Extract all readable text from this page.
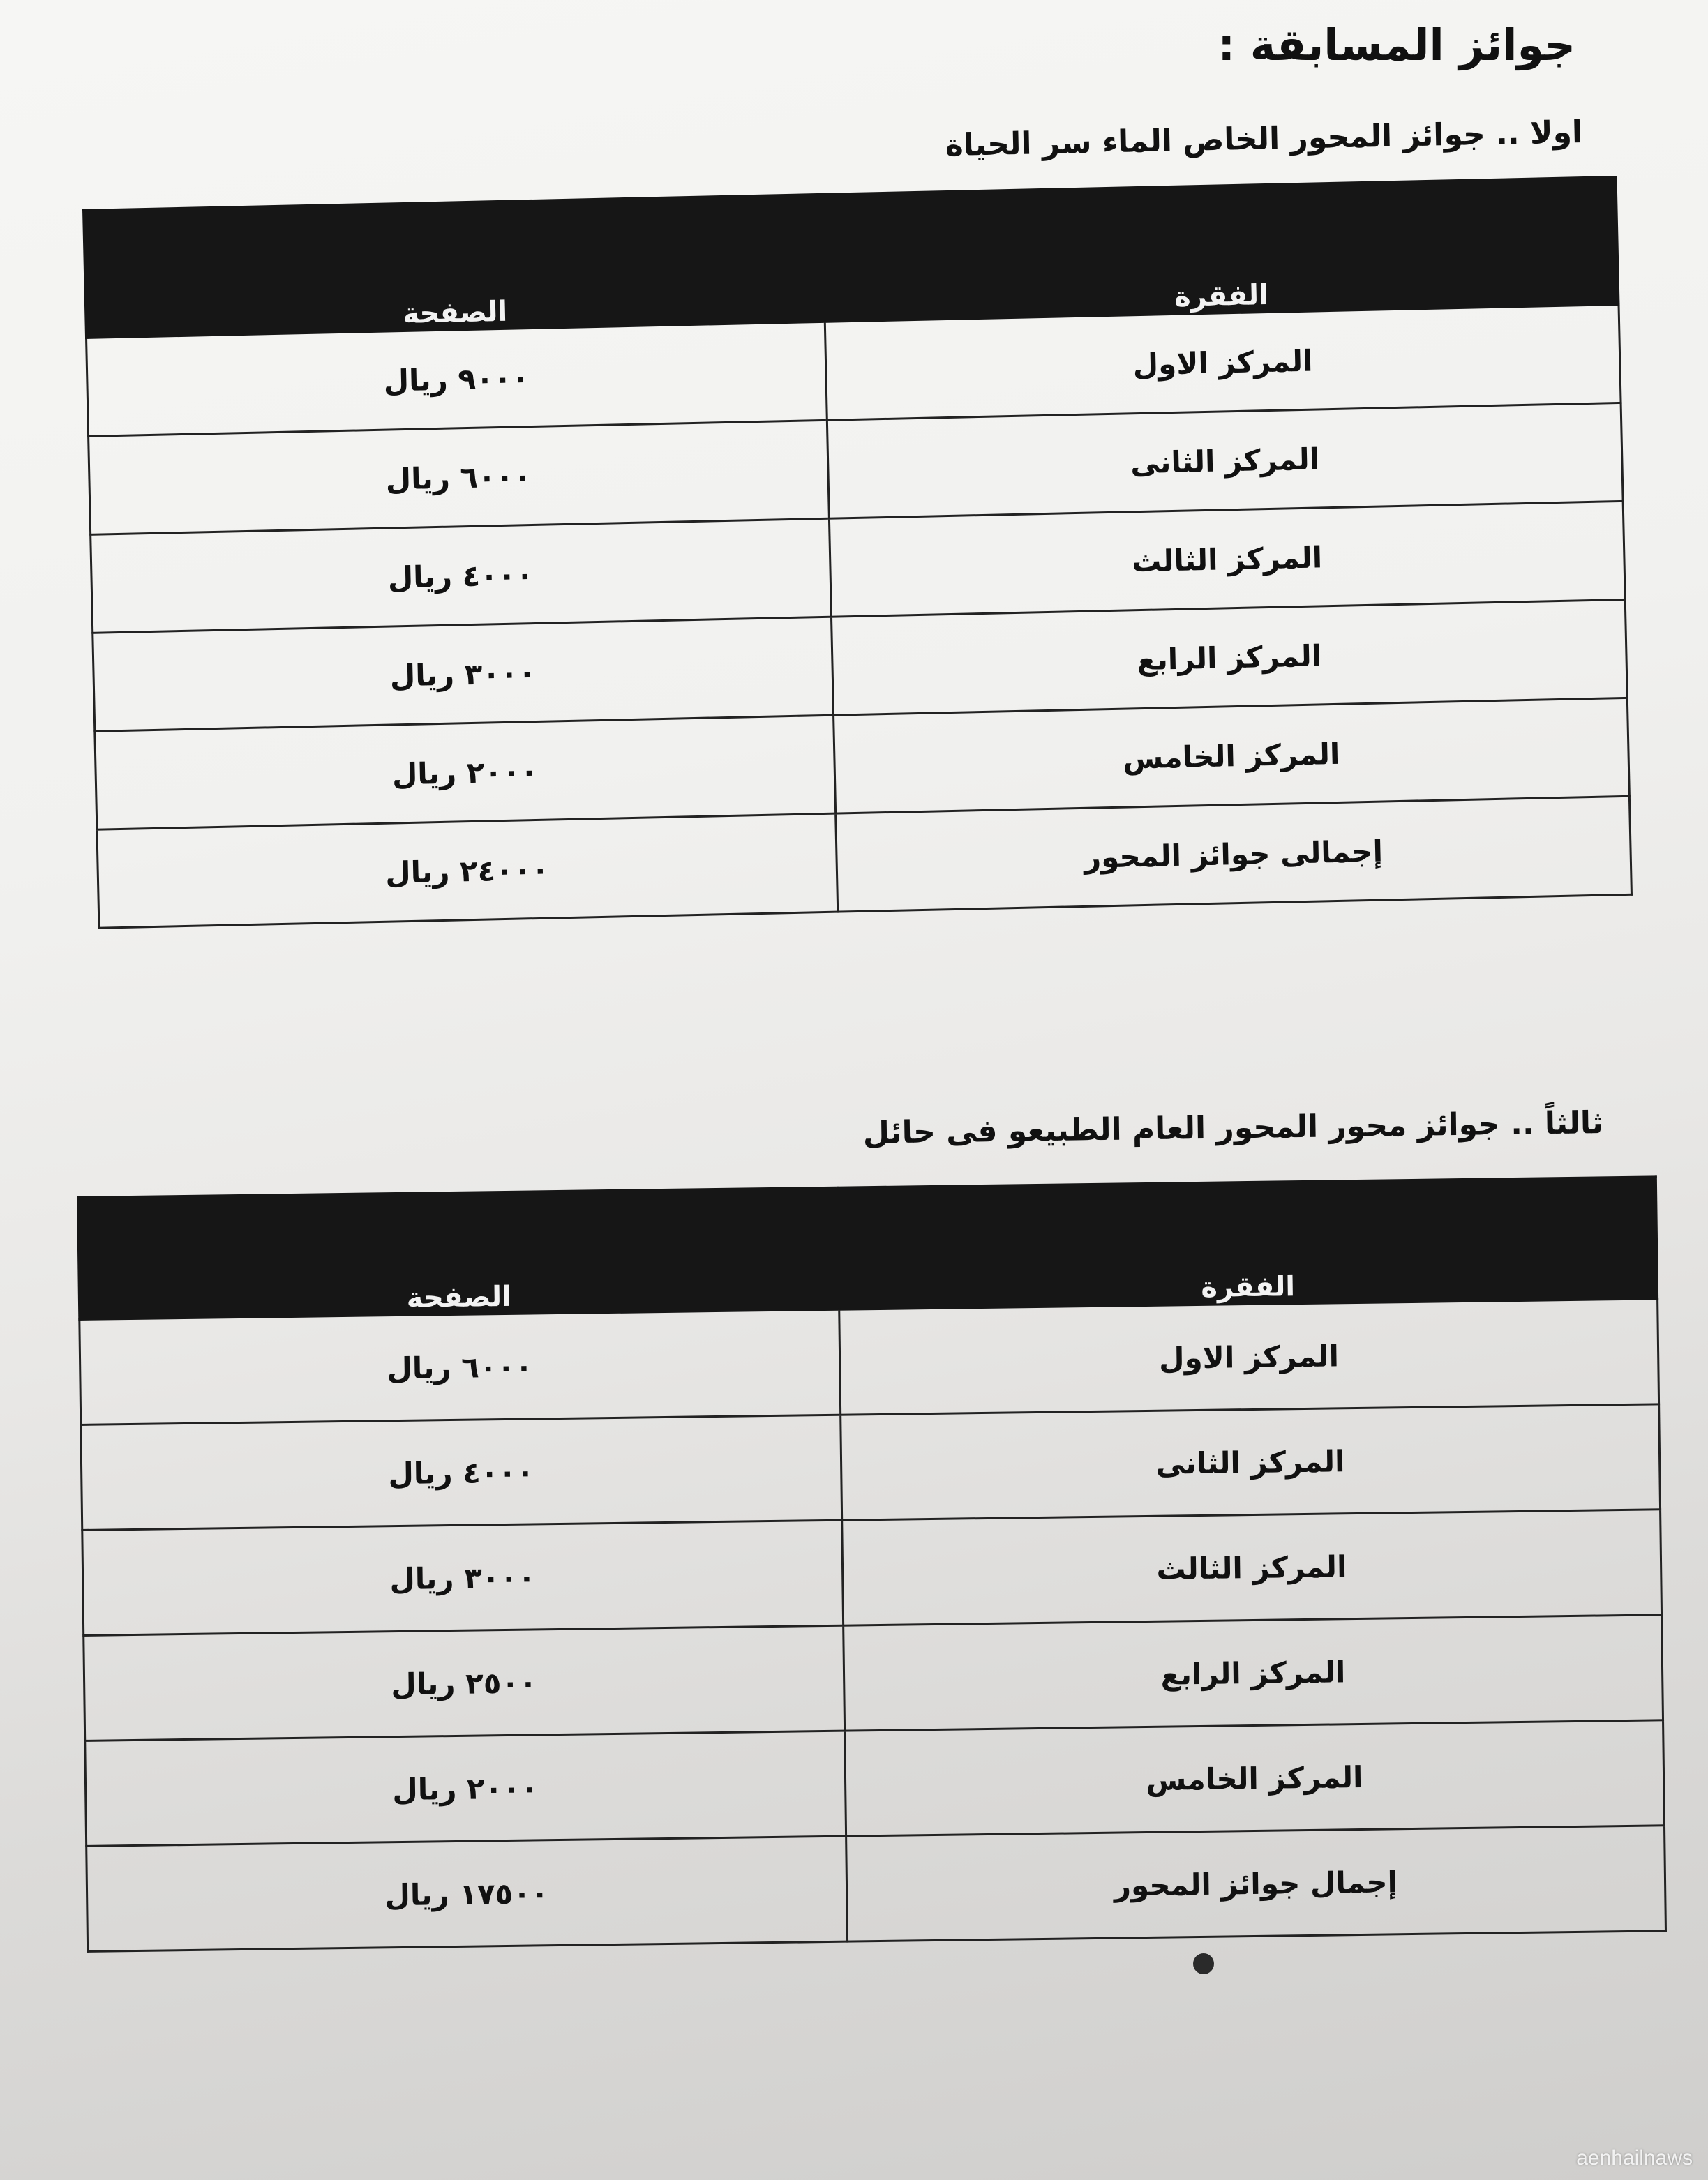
جوائز المسابقة :
اولا .. جوائز المحور الخاص الماء سر الحياة
الفقرة	الصفحة
المركز الاول	٩٠٠٠ ريال
المركز الثانى	٦٠٠٠ ريال
المركز الثالث	٤٠٠٠ ريال
المركز الرابع	٣٠٠٠ ريال
المركز الخامس	٢٠٠٠ ريال
إجمالى جوائز المحور	٢٤٠٠٠ ريال
ثالثاً .. جوائز محور المحور العام الطبيعو فى حائل
الفقرة	الصفحة
المركز الاول	٦٠٠٠ ريال
المركز الثانى	٤٠٠٠ ريال
المركز الثالث	٣٠٠٠ ريال
المركز الرابع	٢٥٠٠ ريال
المركز الخامس	٢٠٠٠ ريال
إجمال جوائز المحور	١٧٥٠٠ ريال
aenhailnaws
